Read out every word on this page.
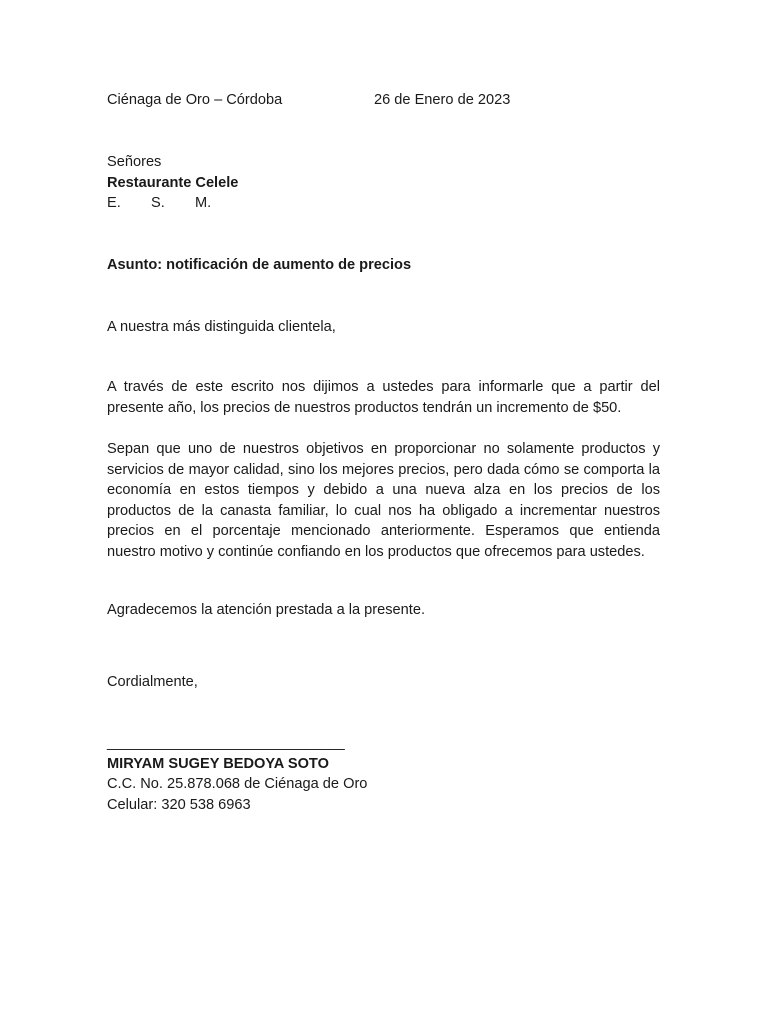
Ciénaga de Oro – Córdoba	26 de Enero de 2023
Señores
Restaurante Celele
E. S. M.
Asunto: notificación de aumento de precios
A nuestra más distinguida clientela,
A través de este escrito nos dijimos a ustedes para informarle que a partir del presente año, los precios de nuestros productos tendrán un incremento de $50.
Sepan que uno de nuestros objetivos en proporcionar no solamente productos y servicios de mayor calidad, sino los mejores precios, pero dada cómo se comporta la economía en estos tiempos y debido a una nueva alza en los precios de los productos de la canasta familiar, lo cual nos ha obligado a incrementar nuestros precios en el porcentaje mencionado anteriormente. Esperamos que entienda nuestro motivo y continúe confiando en los productos que ofrecemos para ustedes.
Agradecemos la atención prestada a la presente.
Cordialmente,
______________________________
MIRYAM SUGEY BEDOYA SOTO
C.C. No. 25.878.068 de Ciénaga de Oro
Celular: 320 538 6963
